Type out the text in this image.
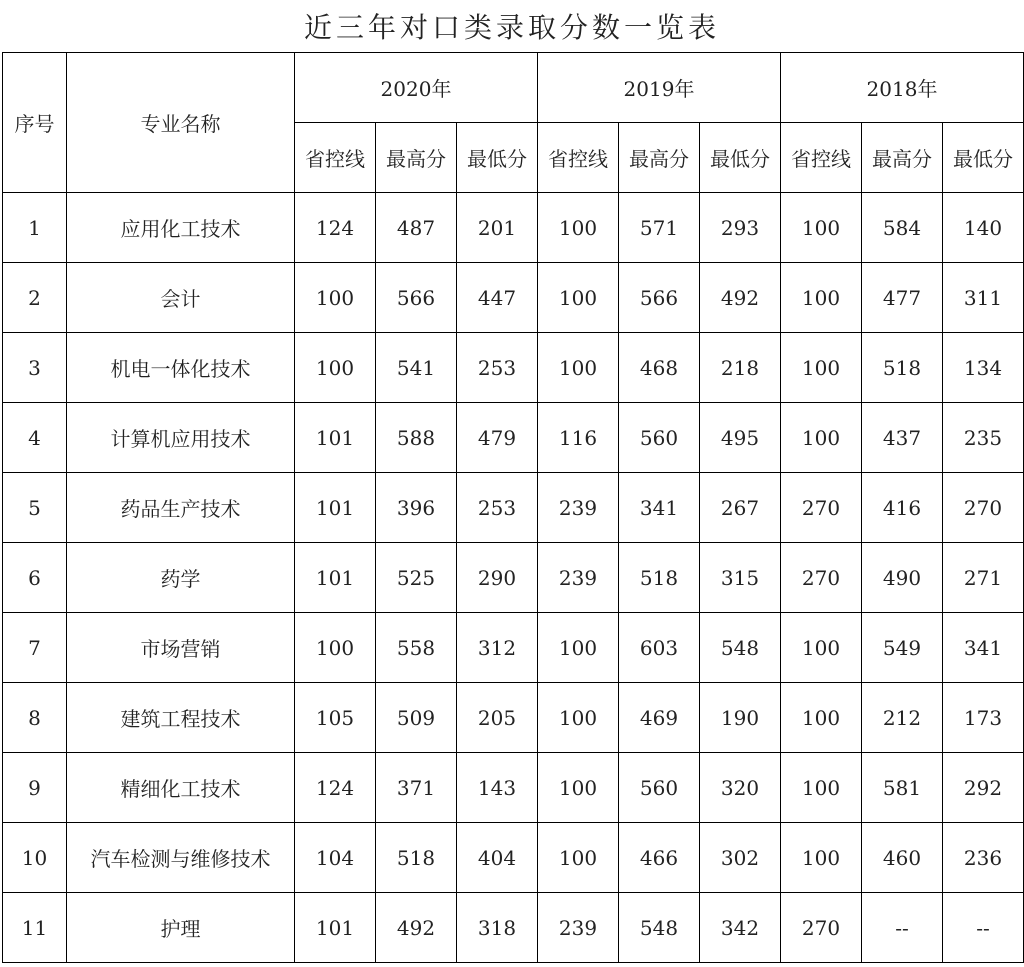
近三年对口类录取分数一览表
序号	专业名称	2020年			2019年			2018年		
		省控线	最高分	最低分	省控线	最高分	最低分	省控线	最高分	最低分
1	应用化工技术	124	487	201	100	571	293	100	584	140
2	会计	100	566	447	100	566	492	100	477	311
3	机电一体化技术	100	541	253	100	468	218	100	518	134
4	计算机应用技术	101	588	479	116	560	495	100	437	235
5	药品生产技术	101	396	253	239	341	267	270	416	270
6	药学	101	525	290	239	518	315	270	490	271
7	市场营销	100	558	312	100	603	548	100	549	341
8	建筑工程技术	105	509	205	100	469	190	100	212	173
9	精细化工技术	124	371	143	100	560	320	100	581	292
10	汽车检测与维修技术	104	518	404	100	466	302	100	460	236
11	护理	101	492	318	239	548	342	270	--	--
